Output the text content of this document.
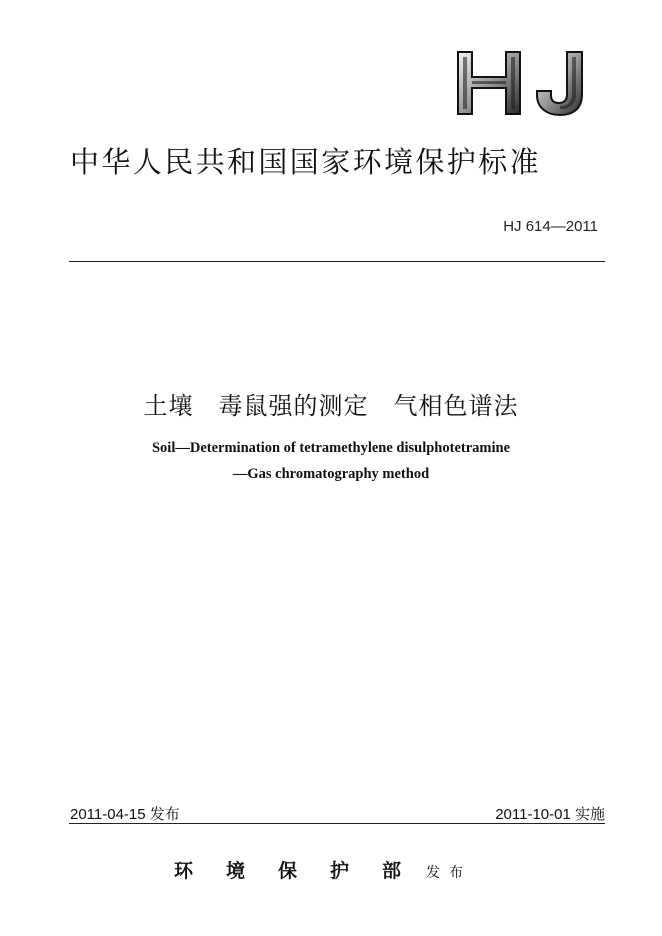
中华人民共和国国家环境保护标准
HJ 614—2011
土壤　毒鼠强的测定　气相色谱法
Soil—Determination of tetramethylene disulphotetramine
—Gas chromatography method
2011-04-15 发布	2011-10-01 实施
环境保护部发布
